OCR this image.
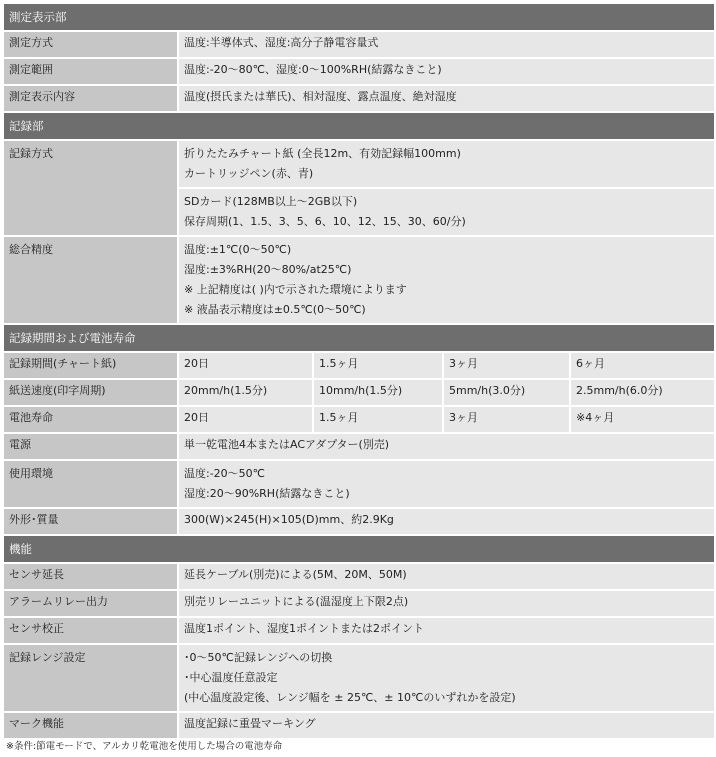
測定表示部				
測定方式	温度:半導体式、湿度:高分子静電容量式			
測定範囲	温度:-20～80℃、湿度:0～100%RH(結露なきこと)			
測定表示内容	温度(摂氏または華氏)、相対湿度、露点温度、絶対湿度			
記録部				
記録方式	折りたたみチャート紙 (全長12m、有効記録幅100mm)
カートリッジペン(赤、青)
SDカード(128MB以上～2GB以下)
保存周期(1、1.5、3、5、6、10、12、15、30、60/分)			

総合精度	温度:±1℃(0～50℃)
湿度:±3%RH(20～80%/at25℃)
※ 上記精度は( )内で示された環境によります
※ 液晶表示精度は±0.5℃(0～50℃)			

記録期間および電池寿命				
記録期間(チャート紙)	20日	1.5ヶ月	3ヶ月	6ヶ月
紙送速度(印字周期)	20mm/h(1.5分)	10mm/h(1.5分)	5mm/h(3.0分)	2.5mm/h(6.0分)
電池寿命	20日	1.5ヶ月	3ヶ月	※4ヶ月
電源	単一乾電池4本またはACアダプター(別売)			
使用環境	温度:-20～50℃
湿度:20～90%RH(結露なきこと)			

外形･質量	300(W)×245(H)×105(D)mm、約2.9Kg			
機能				
センサ延長	延長ケーブル(別売)による(5M、20M、50M)			
アラームリレー出力	別売リレーユニットによる(温湿度上下限2点)			
センサ校正	温度1ポイント、湿度1ポイントまたは2ポイント			
記録レンジ設定	･0～50℃記録レンジへの切換
･中心温度任意設定
(中心温度設定後、レンジ幅を ± 25℃、± 10℃のいずれかを設定)			

マーク機能	温度記録に重畳マーキング			
※条件:節電モードで、アルカリ乾電池を使用した場合の電池寿命
